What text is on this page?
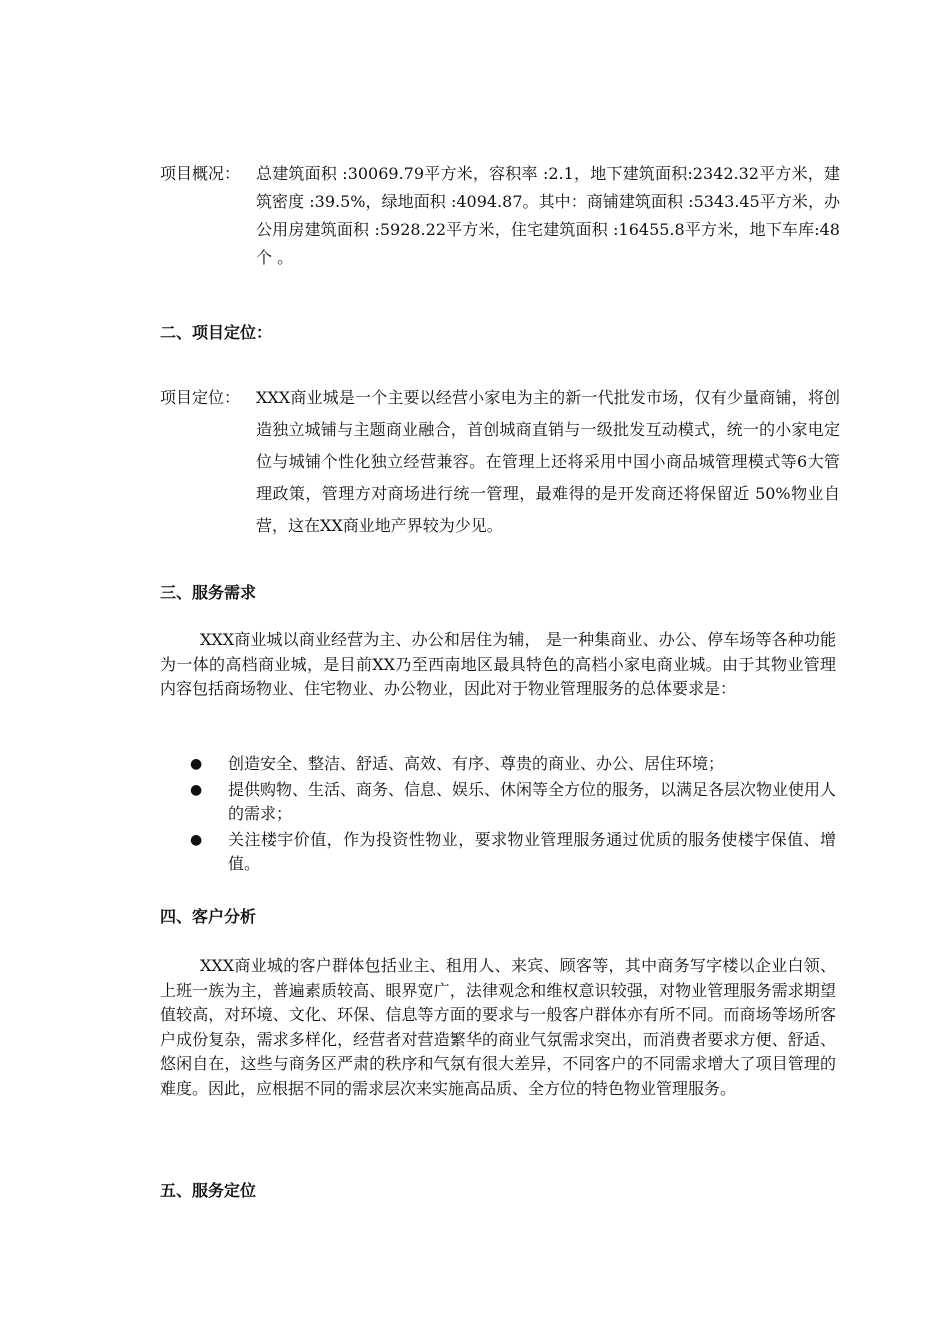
项目概况： 总建筑面积 :30069.79平方米，容积率 :2.1，地下建筑面积:2342.32平方米，建筑密度 :39.5%，绿地面积 :4094.87。其中：商铺建筑面积 :5343.45平方米，办公用房建筑面积 :5928.22平方米，住宅建筑面积 :16455.8平方米，地下车库:48个 。
二、项目定位：
项目定位： XXX商业城是一个主要以经营小家电为主的新一代批发市场，仅有少量商铺，将创造独立城铺与主题商业融合，首创城商直销与一级批发互动模式，统一的小家电定位与城铺个性化独立经营兼容。在管理上还将采用中国小商品城管理模式等6大管理政策，管理方对商场进行统一管理，最难得的是开发商还将保留近 50%物业自营，这在XX商业地产界较为少见。
三、服务需求
XXX商业城以商业经营为主、办公和居住为辅， 是一种集商业、办公、停车场等各种功能为一体的高档商业城，是目前XX乃至西南地区最具特色的高档小家电商业城。由于其物业管理内容包括商场物业、住宅物业、办公物业，因此对于物业管理服务的总体要求是：
●	创造安全、整洁、舒适、高效、有序、尊贵的商业、办公、居住环境；
●	提供购物、生活、商务、信息、娱乐、休闲等全方位的服务，以满足各层次物业使用人的需求；
●	关注楼宇价值，作为投资性物业，要求物业管理服务通过优质的服务使楼宇保值、增值。
四、客户分析
XXX商业城的客户群体包括业主、租用人、来宾、顾客等，其中商务写字楼以企业白领、上班一族为主，普遍素质较高、眼界宽广，法律观念和维权意识较强，对物业管理服务需求期望值较高，对环境、文化、环保、信息等方面的要求与一般客户群体亦有所不同。而商场等场所客户成份复杂，需求多样化，经营者对营造繁华的商业气氛需求突出，而消费者要求方便、舒适、悠闲自在，这些与商务区严肃的秩序和气氛有很大差异，不同客户的不同需求增大了项目管理的难度。因此，应根据不同的需求层次来实施高品质、全方位的特色物业管理服务。
五、服务定位
